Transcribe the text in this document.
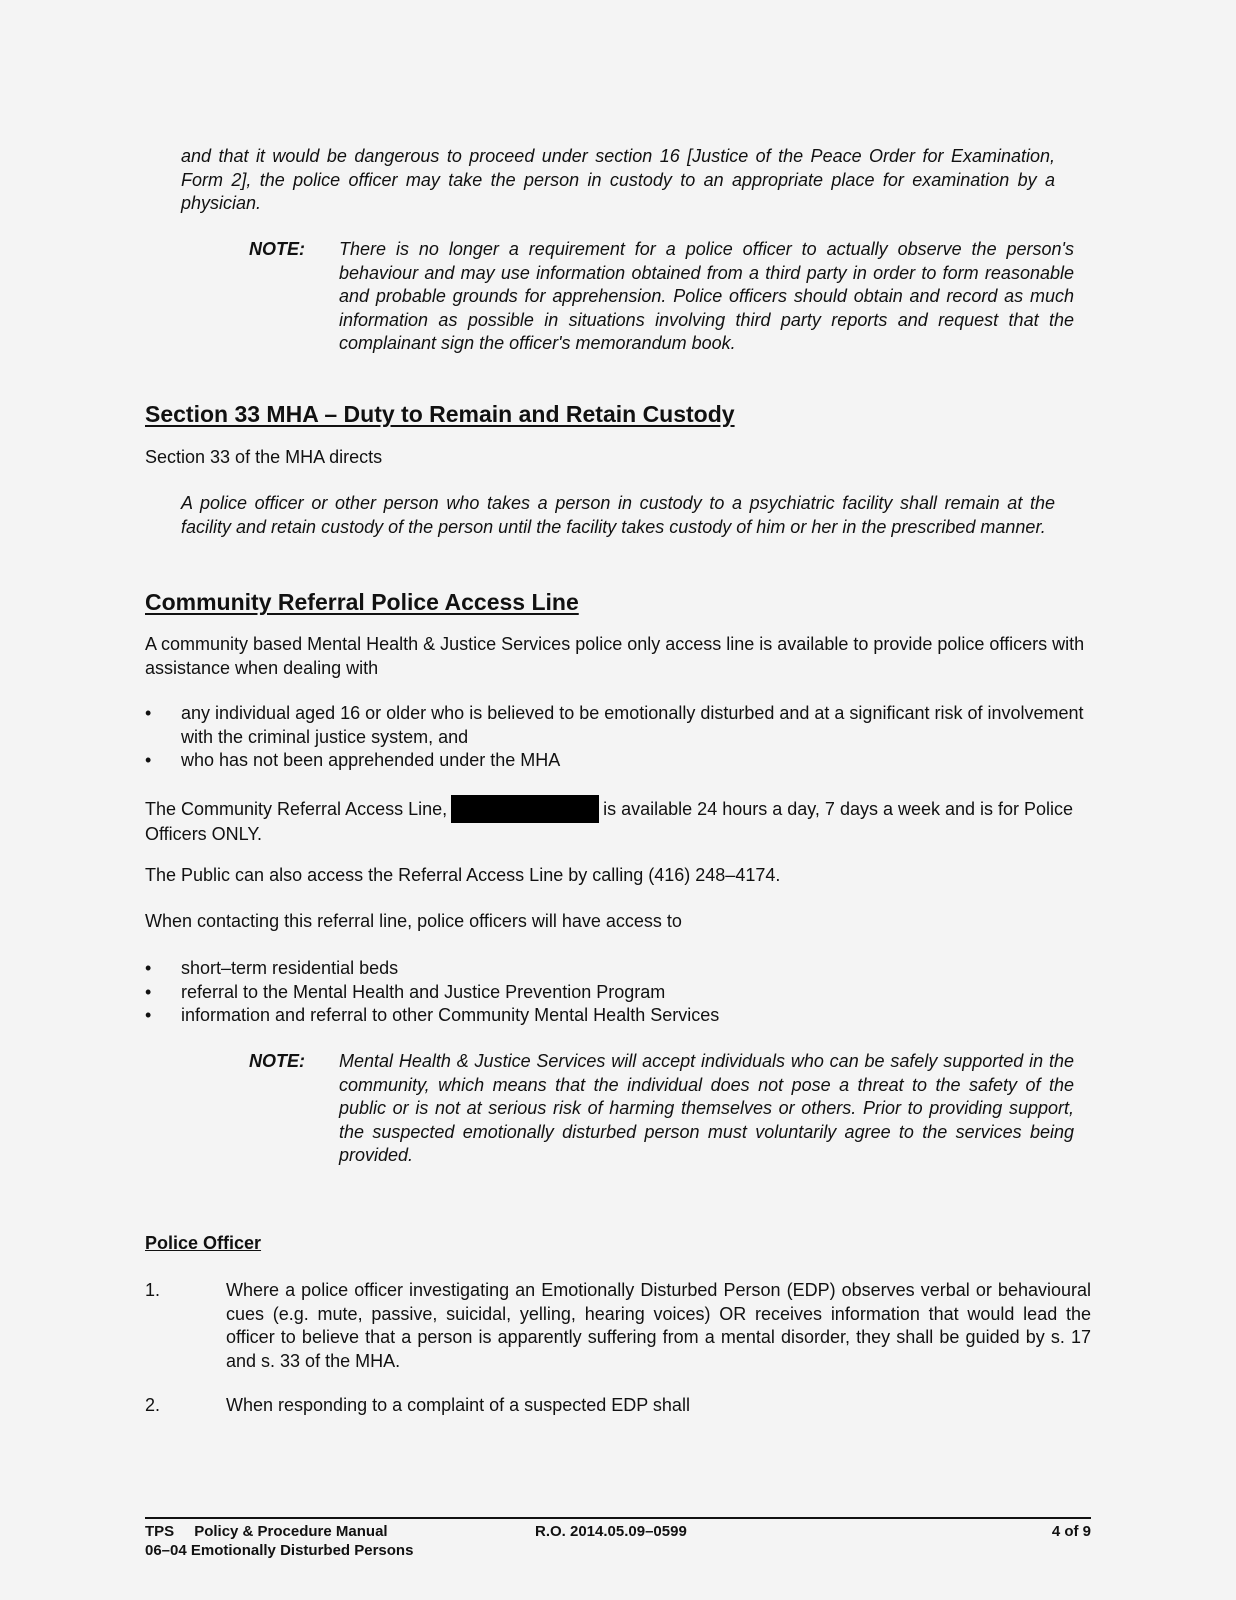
and that it would be dangerous to proceed under section 16 [Justice of the Peace Order for Examination, Form 2], the police officer may take the person in custody to an appropriate place for examination by a physician.

NOTE: There is no longer a requirement for a police officer to actually observe the person's behaviour and may use information obtained from a third party in order to form reasonable and probable grounds for apprehension. Police officers should obtain and record as much information as possible in situations involving third party reports and request that the complainant sign the officer's memorandum book.

Section 33 MHA – Duty to Remain and Retain Custody

Section 33 of the MHA directs

A police officer or other person who takes a person in custody to a psychiatric facility shall remain at the facility and retain custody of the person until the facility takes custody of him or her in the prescribed manner.

Community Referral Police Access Line

A community based Mental Health & Justice Services police only access line is available to provide police officers with assistance when dealing with

• any individual aged 16 or older who is believed to be emotionally disturbed and at a significant risk of involvement with the criminal justice system, and
• who has not been apprehended under the MHA

The Community Referral Access Line,	is available 24 hours a day, 7 days a week and is for Police Officers ONLY.

The Public can also access the Referral Access Line by calling (416) 248–4174.

When contacting this referral line, police officers will have access to

• short–term residential beds
• referral to the Mental Health and Justice Prevention Program
• information and referral to other Community Mental Health Services
NOTE: Mental Health & Justice Services will accept individuals who can be safely supported in the community, which means that the individual does not pose a threat to the safety of the public or is not at serious risk of harming themselves or others. Prior to providing support, the suspected emotionally disturbed person must voluntarily agree to the services being provided.

Police Officer
1.	Where a police officer investigating an Emotionally Disturbed Person (EDP) observes verbal or behavioural cues (e.g. mute, passive, suicidal, yelling, hearing voices) OR receives information that would lead the officer to believe that a person is apparently suffering from a mental disorder, they shall be guided by s. 17 and s. 33 of the MHA.

2.	When responding to a complaint of a suspected EDP shall

TPS Policy & Procedure Manual	R.O. 2014.05.09–0599	4 of 9
06–04 Emotionally Disturbed Persons
